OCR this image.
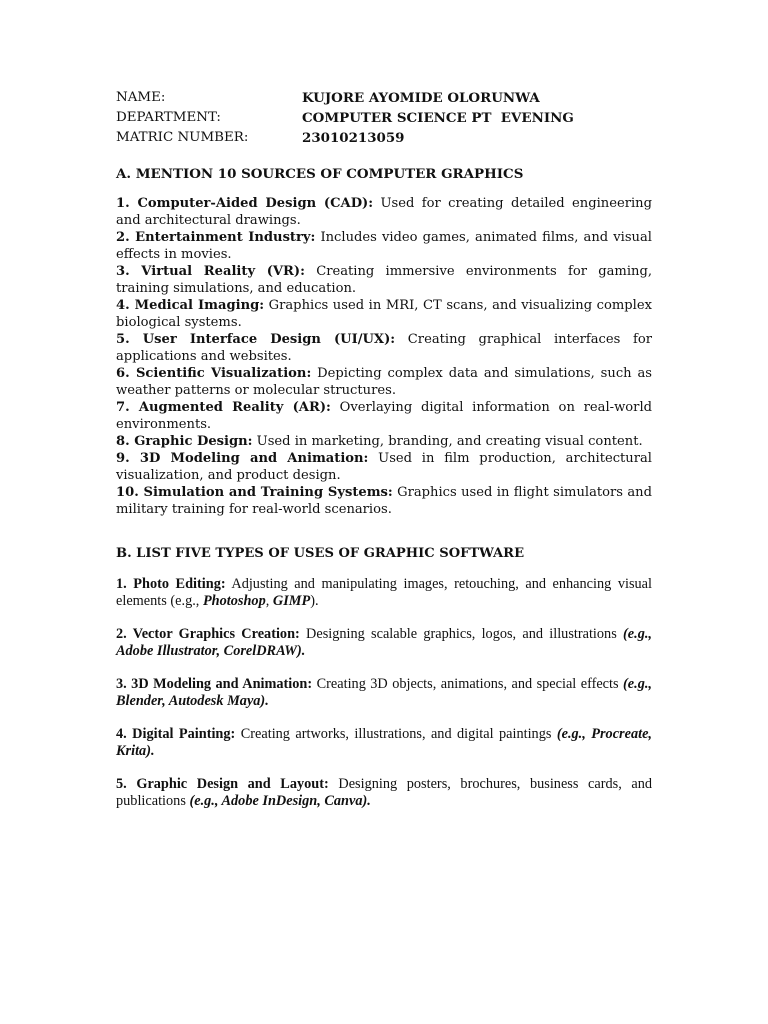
NAME:	KUJORE AYOMIDE OLORUNWA
DEPARTMENT:	COMPUTER SCIENCE PT  EVENING
MATRIC NUMBER:	23010213059

A. MENTION 10 SOURCES OF COMPUTER GRAPHICS

1. Computer-Aided Design (CAD): Used for creating detailed engineering and architectural drawings.

2. Entertainment Industry: Includes video games, animated films, and visual effects in movies.

3. Virtual Reality (VR): Creating immersive environments for gaming, training simulations, and education.

4. Medical Imaging: Graphics used in MRI, CT scans, and visualizing complex biological systems.

5. User Interface Design (UI/UX): Creating graphical interfaces for applications and websites.

6. Scientific Visualization: Depicting complex data and simulations, such as weather patterns or molecular structures.

7. Augmented Reality (AR): Overlaying digital information on real-world environments.

8. Graphic Design: Used in marketing, branding, and creating visual content.

9. 3D Modeling and Animation: Used in film production, architectural visualization, and product design.

10. Simulation and Training Systems: Graphics used in flight simulators and military training for real-world scenarios.

B. LIST FIVE TYPES OF USES OF GRAPHIC SOFTWARE

1. Photo Editing: Adjusting and manipulating images, retouching, and enhancing visual elements (e.g., Photoshop, GIMP).

2. Vector Graphics Creation: Designing scalable graphics, logos, and illustrations (e.g., Adobe Illustrator, CorelDRAW).

3. 3D Modeling and Animation: Creating 3D objects, animations, and special effects (e.g., Blender, Autodesk Maya).

4. Digital Painting: Creating artworks, illustrations, and digital paintings (e.g., Procreate, Krita).

5. Graphic Design and Layout: Designing posters, brochures, business cards, and publications (e.g., Adobe InDesign, Canva).
